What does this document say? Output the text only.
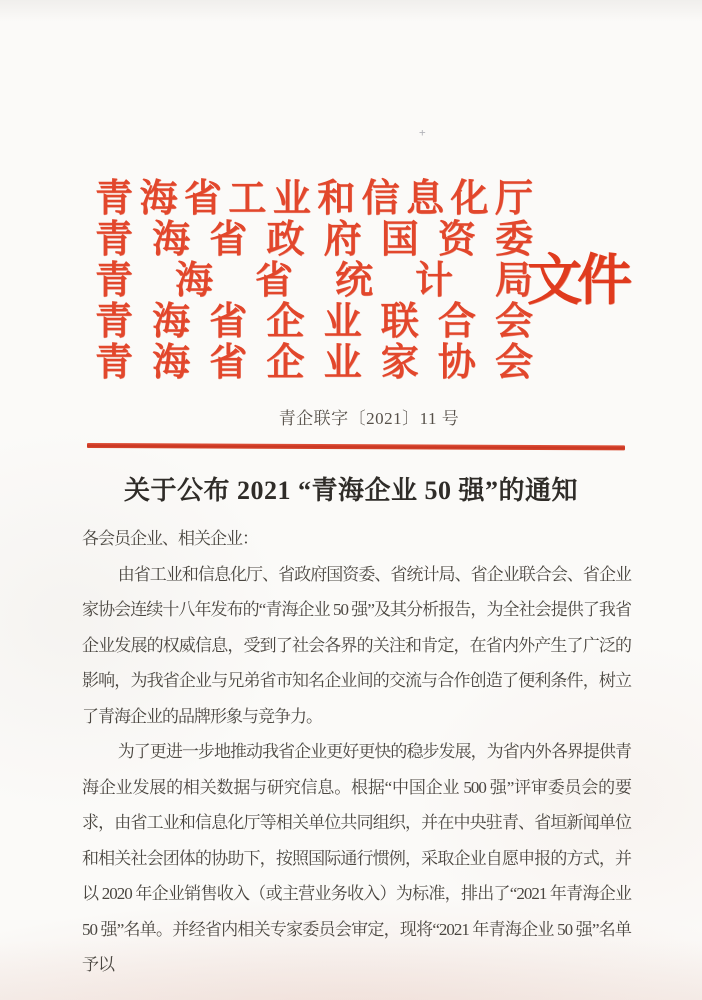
青 海 省 工 业 和 信 息 化 厅
青 海 省 政 府 国 资 委
青 海 省 统 计 局
青 海 省 企 业 联 合 会
青 海 省 企 业 家 协 会
文件
青企联字〔2021〕11 号
关于公布 2021 “青海企业 50 强”的通知

各会员企业、相关企业：

由省工业和信息化厅、省政府国资委、省统计局、省企业联合会、省企业家协会连续十八年发布的“青海企业 50 强”及其分析报告，为全社会提供了我省企业发展的权威信息，受到了社会各界的关注和肯定，在省内外产生了广泛的影响，为我省企业与兄弟省市知名企业间的交流与合作创造了便利条件，树立了青海企业的品牌形象与竞争力。

为了更进一步地推动我省企业更好更快的稳步发展，为省内外各界提供青海企业发展的相关数据与研究信息。根据“中国企业 500 强”评审委员会的要求，由省工业和信息化厅等相关单位共同组织，并在中央驻青、省垣新闻单位和相关社会团体的协助下，按照国际通行惯例，采取企业自愿申报的方式，并以 2020 年企业销售收入（或主营业务收入）为标准，排出了“2021 年青海企业 50 强”名单。并经省内相关专家委员会审定，现将“2021 年青海企业 50 强”名单予以

+
